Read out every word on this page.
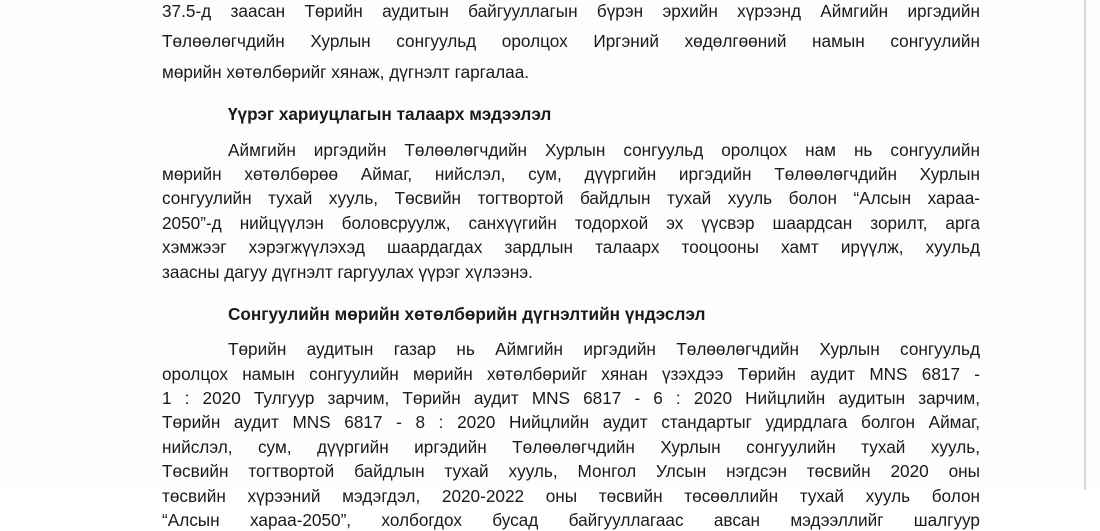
37.5-д заасан Төрийн аудитын байгууллагын бүрэн эрхийн хүрээнд Аймгийн иргэдийн
Төлөөлөгчдийн Хурлын сонгуульд оролцох Иргэний хөдөлгөөний намын сонгуулийн
мөрийн хөтөлбөрийг хянаж, дүгнэлт гаргалаа.
Үүрэг хариуцлагын талаарх мэдээлэл
Аймгийн иргэдийн Төлөөлөгчдийн Хурлын сонгуульд оролцох нам нь сонгуулийн
мөрийн хөтөлбөрөө Аймаг, нийслэл, сум, дүүргийн иргэдийн Төлөөлөгчдийн Хурлын
сонгуулийн тухай хууль, Төсвийн тогтвортой байдлын тухай хууль болон “Алсын хараа-
2050”-д нийцүүлэн боловсруулж, санхүүгийн тодорхой эх үүсвэр шаардсан зорилт, арга
хэмжээг хэрэгжүүлэхэд шаардагдах зардлын талаарх тооцооны хамт ирүүлж, хуульд
заасны дагуу дүгнэлт гаргуулах үүрэг хүлээнэ.
Сонгуулийн мөрийн хөтөлбөрийн дүгнэлтийн үндэслэл
Төрийн аудитын газар нь Аймгийн иргэдийн Төлөөлөгчдийн Хурлын сонгуульд
оролцох намын сонгуулийн мөрийн хөтөлбөрийг хянан үзэхдээ Төрийн аудит MNS 6817 -
1 : 2020 Тулгуур зарчим, Төрийн аудит MNS 6817 - 6 : 2020 Нийцлийн аудитын зарчим,
Төрийн аудит MNS 6817 - 8 : 2020 Нийцлийн аудит стандартыг удирдлага болгон Аймаг,
нийслэл, сум, дүүргийн иргэдийн Төлөөлөгчдийн Хурлын сонгуулийн тухай хууль,
Төсвийн тогтвортой байдлын тухай хууль, Монгол Улсын нэгдсэн төсвийн 2020 оны
төсвийн хүрээний мэдэгдэл, 2020-2022 оны төсвийн төсөөллийн тухай хууль болон
“Алсын хараа-2050”, холбогдох бусад байгууллагаас авсан мэдээллийг шалгуур
